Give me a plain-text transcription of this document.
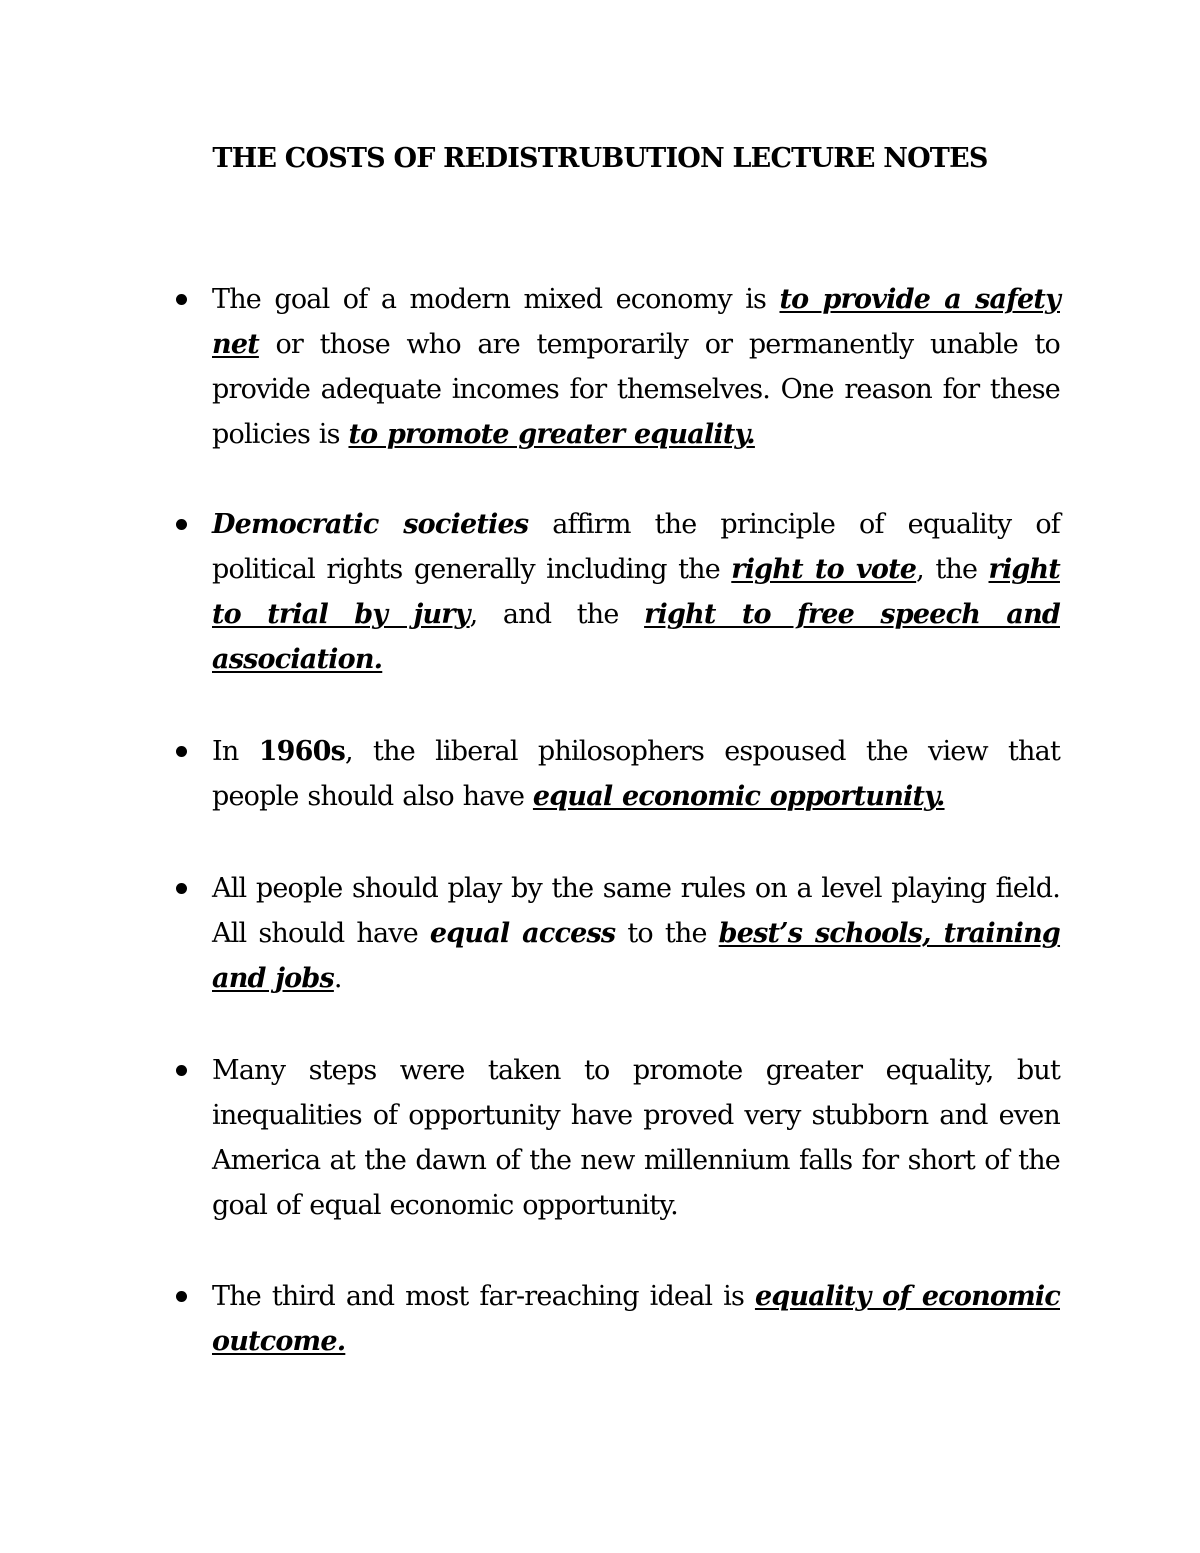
THE COSTS OF REDISTRUBUTION LECTURE NOTES
The goal of a modern mixed economy is to provide a safety net or those who are temporarily or permanently unable to provide adequate incomes for themselves. One reason for these policies is to promote greater equality.
Democratic societies affirm the principle of equality of political rights generally including the right to vote, the right to trial by jury, and the right to free speech and association.
In 1960s, the liberal philosophers espoused the view that people should also have equal economic opportunity.
All people should play by the same rules on a level playing field. All should have equal access to the best’s schools, training and jobs.
Many steps were taken to promote greater equality, but inequalities of opportunity have proved very stubborn and even America at the dawn of the new millennium falls for short of the goal of equal economic opportunity.
The third and most far-reaching ideal is equality of economic outcome.
